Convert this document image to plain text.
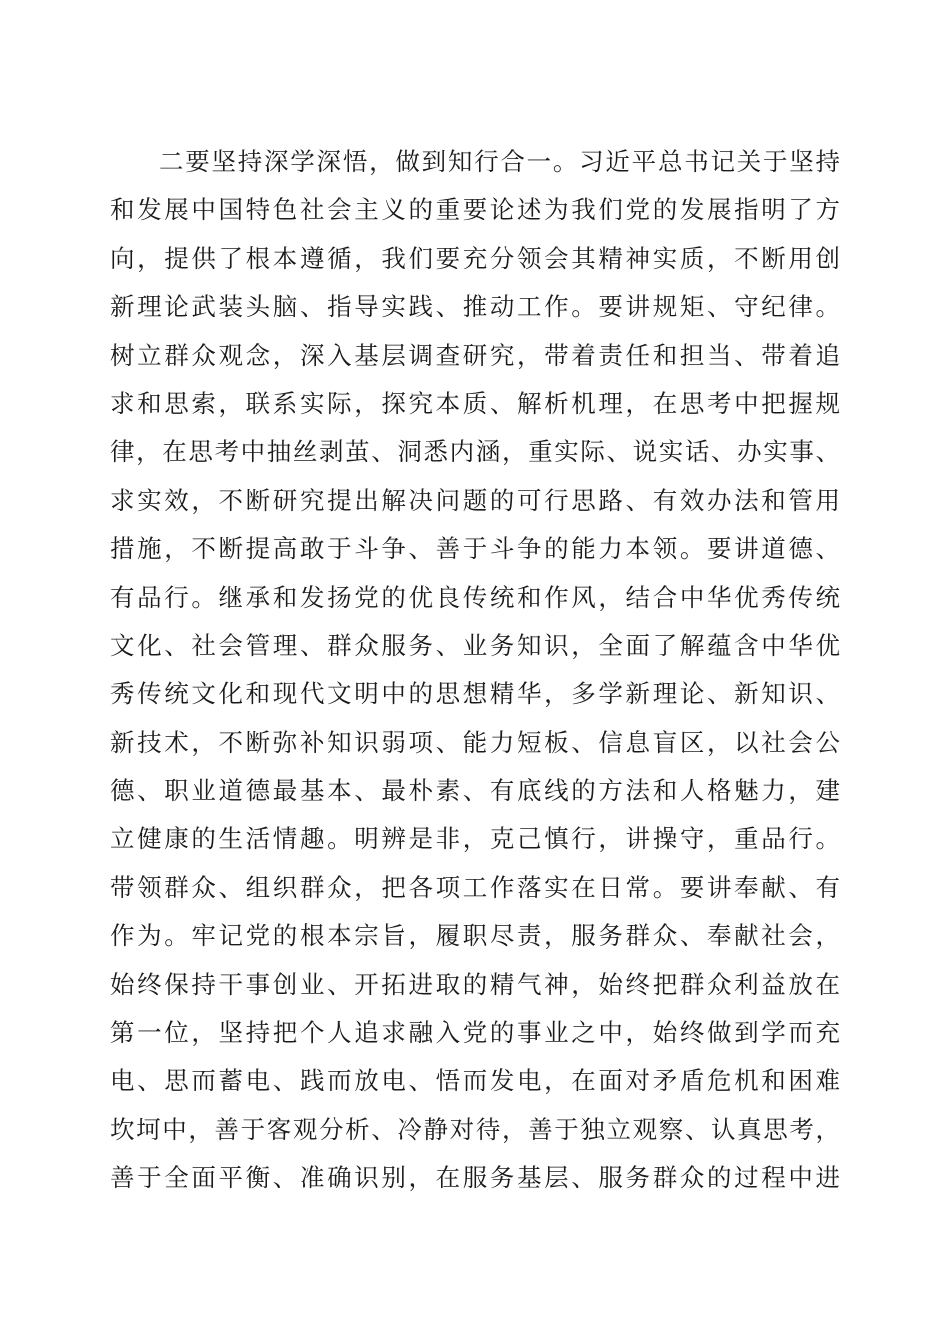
二要坚持深学深悟，做到知行合一。习近平总书记关于坚持
和发展中国特色社会主义的重要论述为我们党的发展指明了方
向，提供了根本遵循，我们要充分领会其精神实质，不断用创
新理论武装头脑、指导实践、推动工作。要讲规矩、守纪律。
树立群众观念，深入基层调查研究，带着责任和担当、带着追
求和思索，联系实际，探究本质、解析机理，在思考中把握规
律，在思考中抽丝剥茧、洞悉内涵，重实际、说实话、办实事、
求实效，不断研究提出解决问题的可行思路、有效办法和管用
措施，不断提高敢于斗争、善于斗争的能力本领。要讲道德、
有品行。继承和发扬党的优良传统和作风，结合中华优秀传统
文化、社会管理、群众服务、业务知识，全面了解蕴含中华优
秀传统文化和现代文明中的思想精华，多学新理论、新知识、
新技术，不断弥补知识弱项、能力短板、信息盲区，以社会公
德、职业道德最基本、最朴素、有底线的方法和人格魅力，建
立健康的生活情趣。明辨是非，克己慎行，讲操守，重品行。
带领群众、组织群众，把各项工作落实在日常。要讲奉献、有
作为。牢记党的根本宗旨，履职尽责，服务群众、奉献社会，
始终保持干事创业、开拓进取的精气神，始终把群众利益放在
第一位，坚持把个人追求融入党的事业之中，始终做到学而充
电、思而蓄电、践而放电、悟而发电，在面对矛盾危机和困难
坎坷中，善于客观分析、冷静对待，善于独立观察、认真思考，
善于全面平衡、准确识别，在服务基层、服务群众的过程中进
